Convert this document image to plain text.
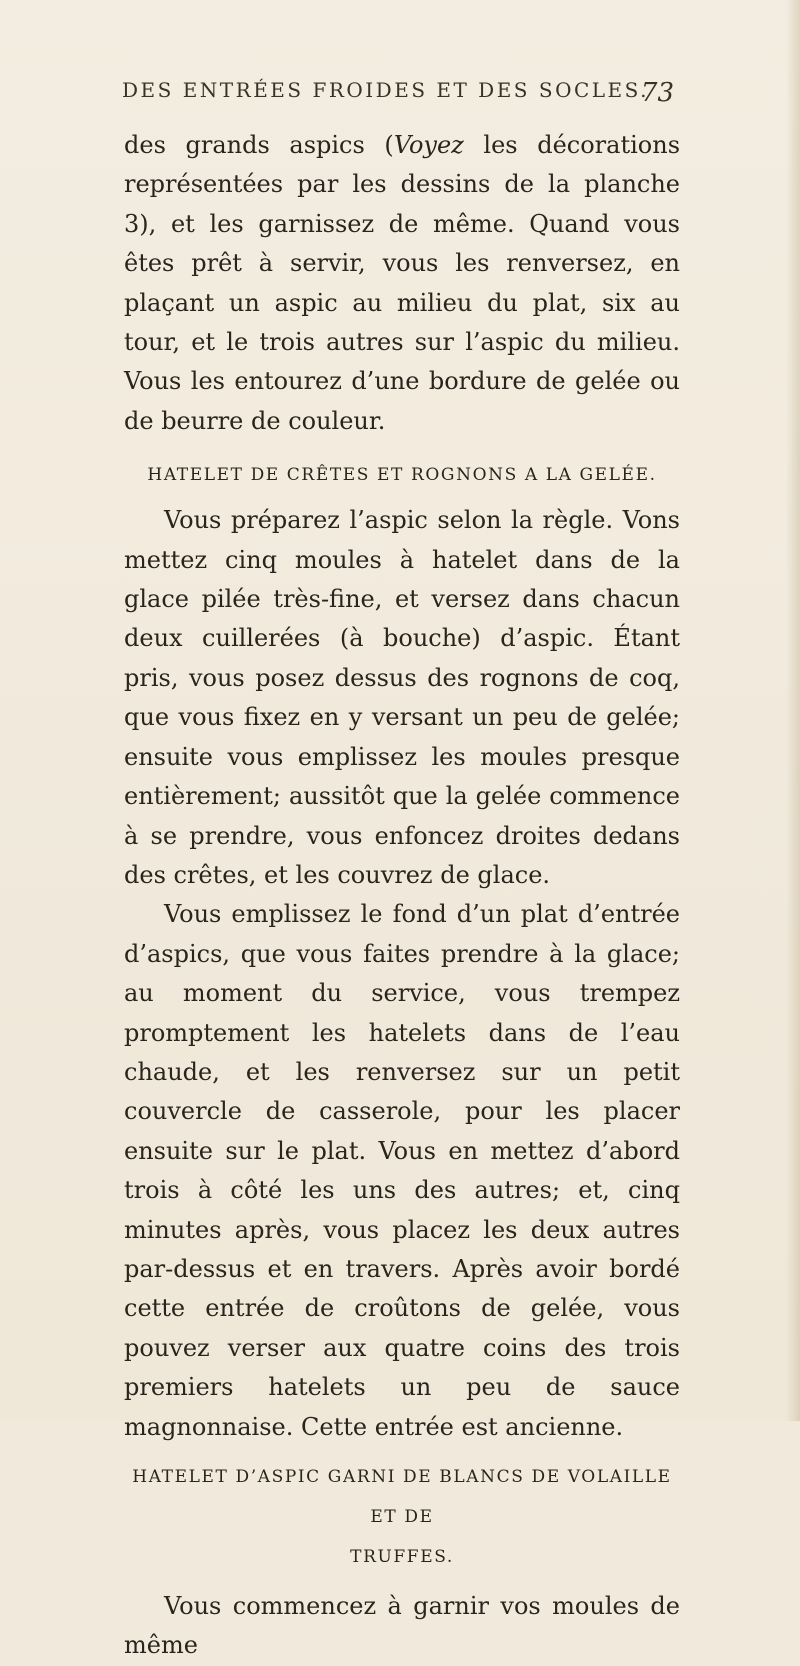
DES ENTRÉES FROIDES ET DES SOCLES.
73

des grands aspics (Voyez les décorations représentées par les dessins de la planche 3), et les garnissez de même. Quand vous êtes prêt à servir, vous les renversez, en plaçant un aspic au milieu du plat, six au tour, et le trois autres sur l’aspic du milieu. Vous les entourez d’une bordure de gelée ou de beurre de couleur.

HATELET DE CRÊTES ET ROGNONS A LA GELÉE.

Vous préparez l’aspic selon la règle. Vons mettez cinq moules à hatelet dans de la glace pilée très-fine, et versez dans chacun deux cuillerées (à bouche) d’aspic. Étant pris, vous posez dessus des rognons de coq, que vous fixez en y versant un peu de gelée; ensuite vous emplissez les moules presque entièrement; aussitôt que la gelée commence à se prendre, vous enfoncez droites dedans des crêtes, et les couvrez de glace.

Vous emplissez le fond d’un plat d’entrée d’aspics, que vous faites prendre à la glace; au moment du service, vous trempez promptement les hatelets dans de l’eau chaude, et les renversez sur un petit couvercle de casserole, pour les placer ensuite sur le plat. Vous en mettez d’abord trois à côté les uns des autres; et, cinq minutes après, vous placez les deux autres par-dessus et en travers. Après avoir bordé cette entrée de croûtons de gelée, vous pouvez verser aux quatre coins des trois premiers hatelets un peu de sauce magnonnaise. Cette entrée est ancienne.

HATELET D’ASPIC GARNI DE BLANCS DE VOLAILLE ET DE
TRUFFES.

Vous commencez à garnir vos moules de même
